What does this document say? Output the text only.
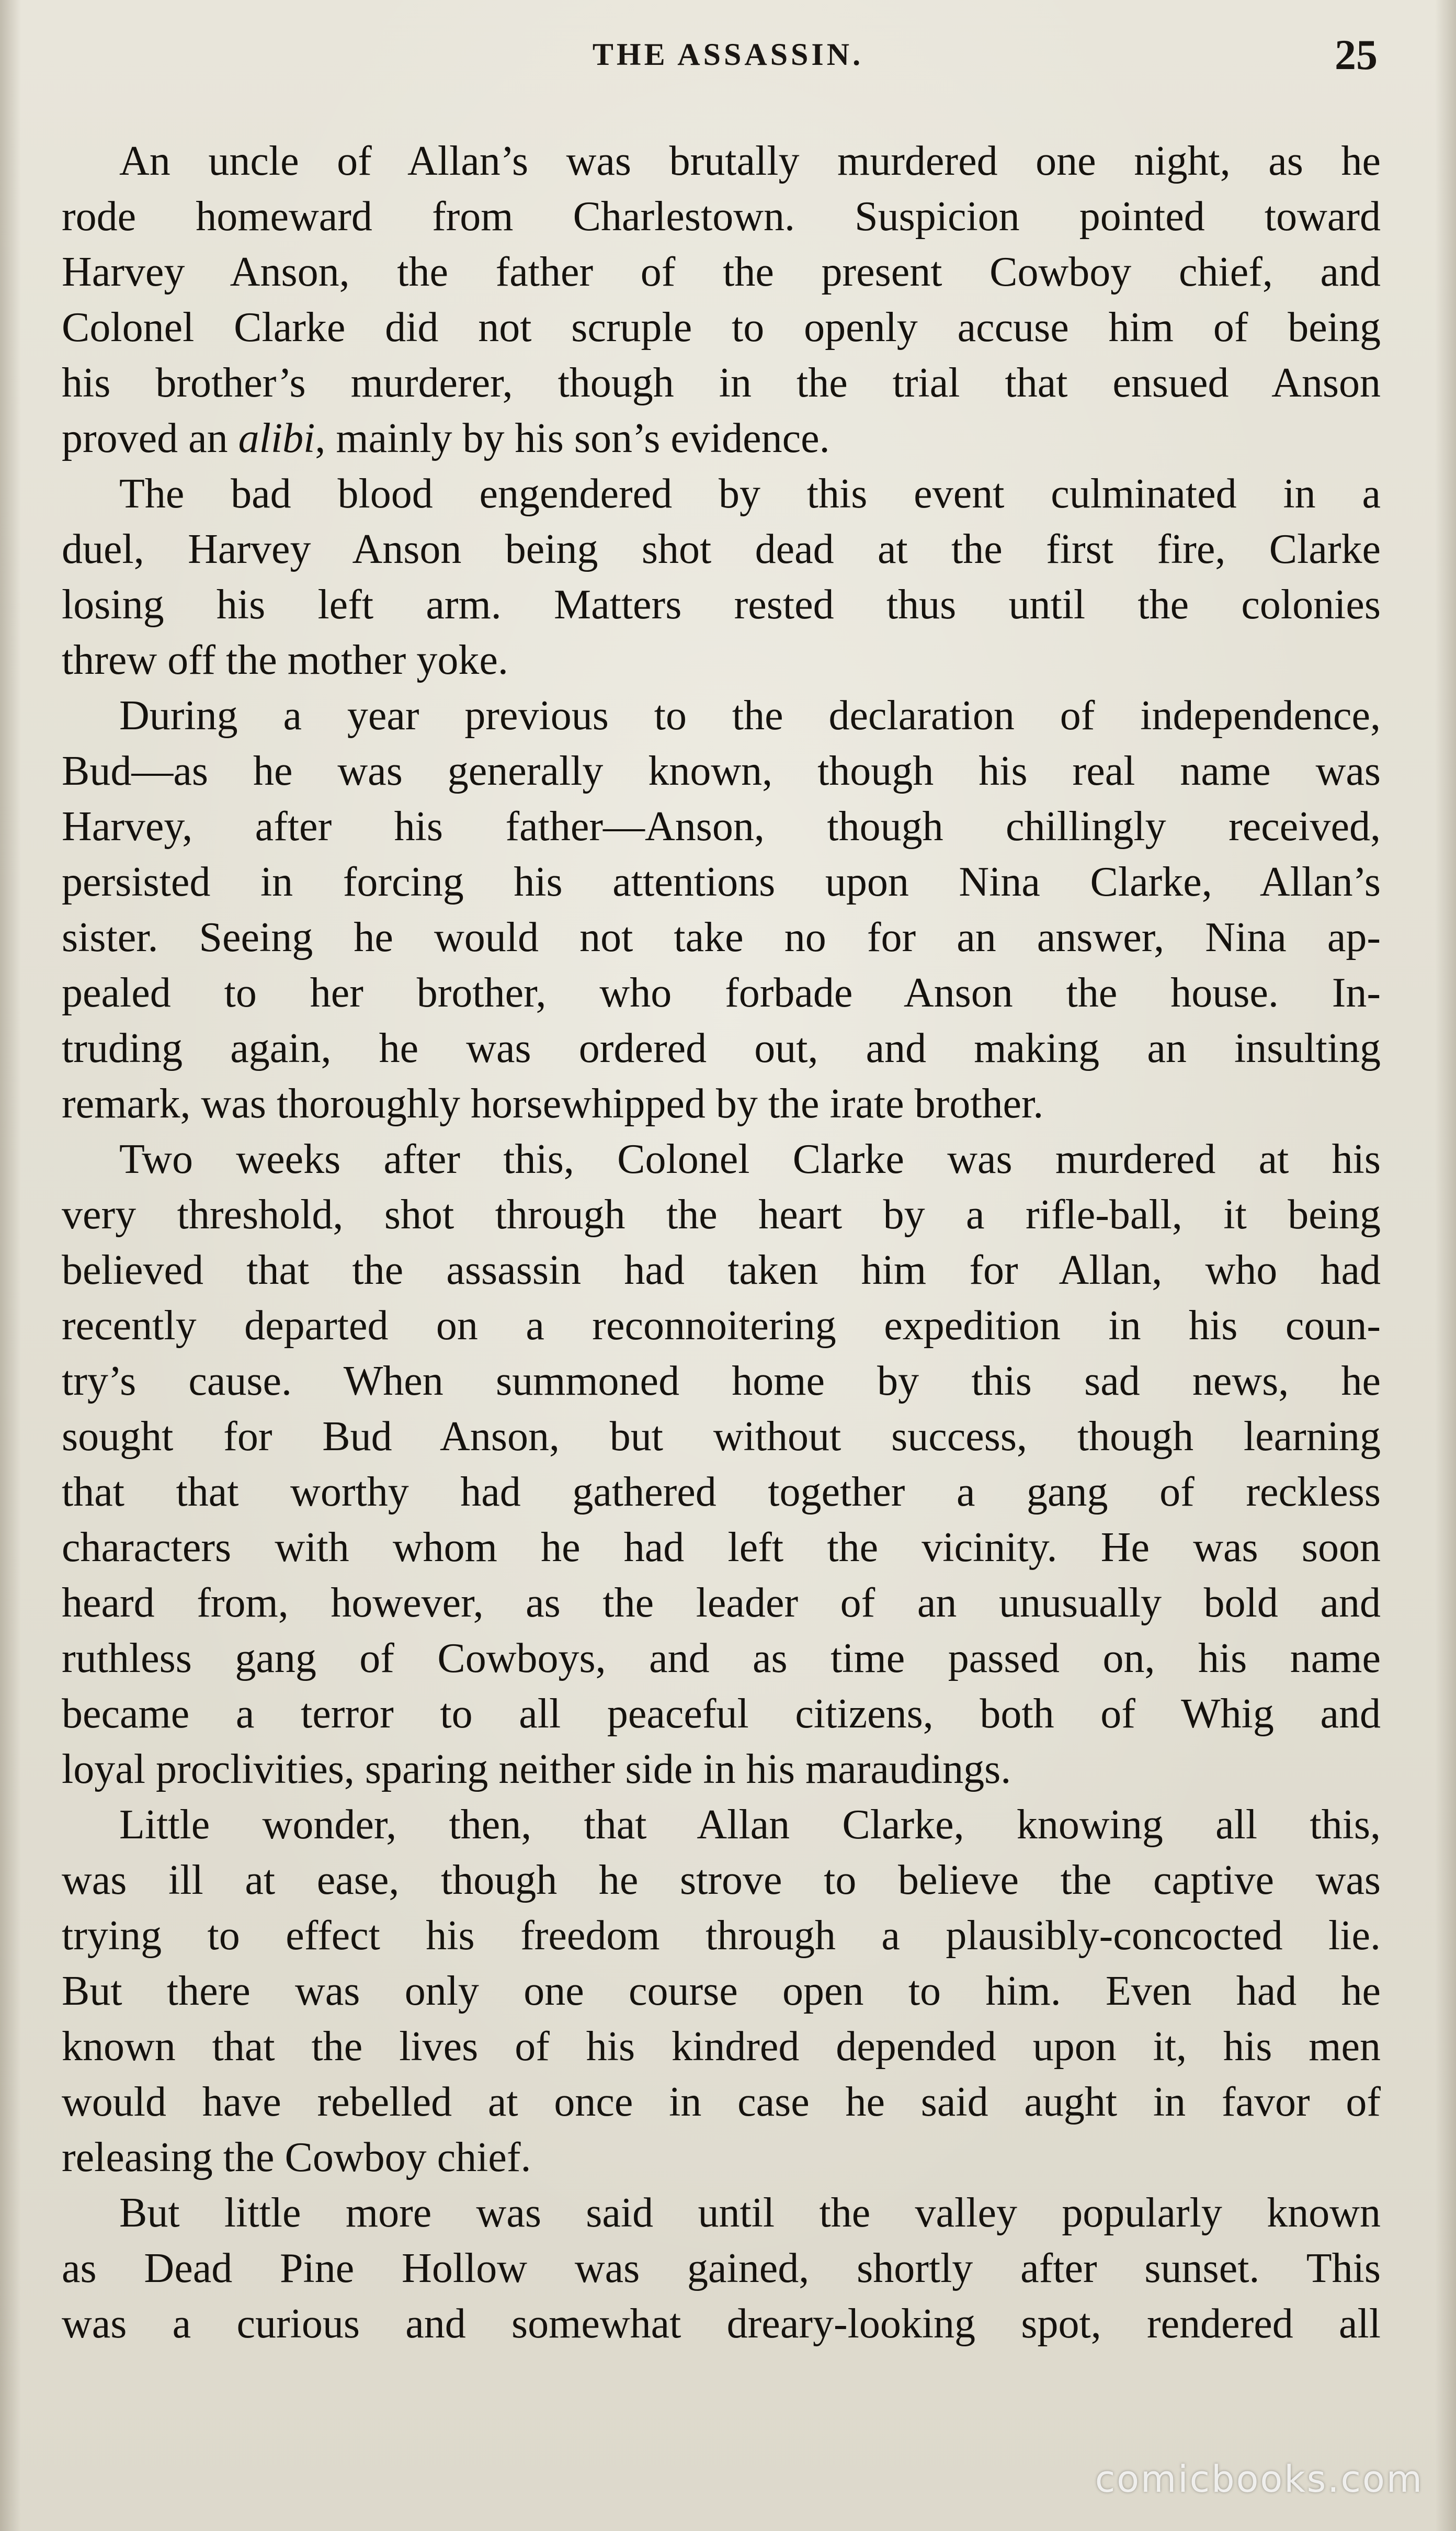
THE ASSASSIN.	25
An uncle of Allan’s was brutally murdered one night, as he
rode homeward from Charlestown. Suspicion pointed toward
Harvey Anson, the father of the present Cowboy chief, and
Colonel Clarke did not scruple to openly accuse him of being
his brother’s murderer, though in the trial that ensued Anson
proved an alibi, mainly by his son’s evidence.
The bad blood engendered by this event culminated in a
duel, Harvey Anson being shot dead at the first fire, Clarke
losing his left arm. Matters rested thus until the colonies
threw off the mother yoke.
During a year previous to the declaration of independence,
Bud—as he was generally known, though his real name was
Harvey, after his father—Anson, though chillingly received,
persisted in forcing his attentions upon Nina Clarke, Allan’s
sister. Seeing he would not take no for an answer, Nina ap-
pealed to her brother, who forbade Anson the house. In-
truding again, he was ordered out, and making an insulting
remark, was thoroughly horsewhipped by the irate brother.
Two weeks after this, Colonel Clarke was murdered at his
very threshold, shot through the heart by a rifle-ball, it being
believed that the assassin had taken him for Allan, who had
recently departed on a reconnoitering expedition in his coun-
try’s cause. When summoned home by this sad news, he
sought for Bud Anson, but without success, though learning
that that worthy had gathered together a gang of reckless
characters with whom he had left the vicinity. He was soon
heard from, however, as the leader of an unusually bold and
ruthless gang of Cowboys, and as time passed on, his name
became a terror to all peaceful citizens, both of Whig and
loyal proclivities, sparing neither side in his maraudings.
Little wonder, then, that Allan Clarke, knowing all this,
was ill at ease, though he strove to believe the captive was
trying to effect his freedom through a plausibly-concocted lie.
But there was only one course open to him. Even had he
known that the lives of his kindred depended upon it, his men
would have rebelled at once in case he said aught in favor of
releasing the Cowboy chief.
But little more was said until the valley popularly known
as Dead Pine Hollow was gained, shortly after sunset. This
was a curious and somewhat dreary-looking spot, rendered all
comicbooks.com
